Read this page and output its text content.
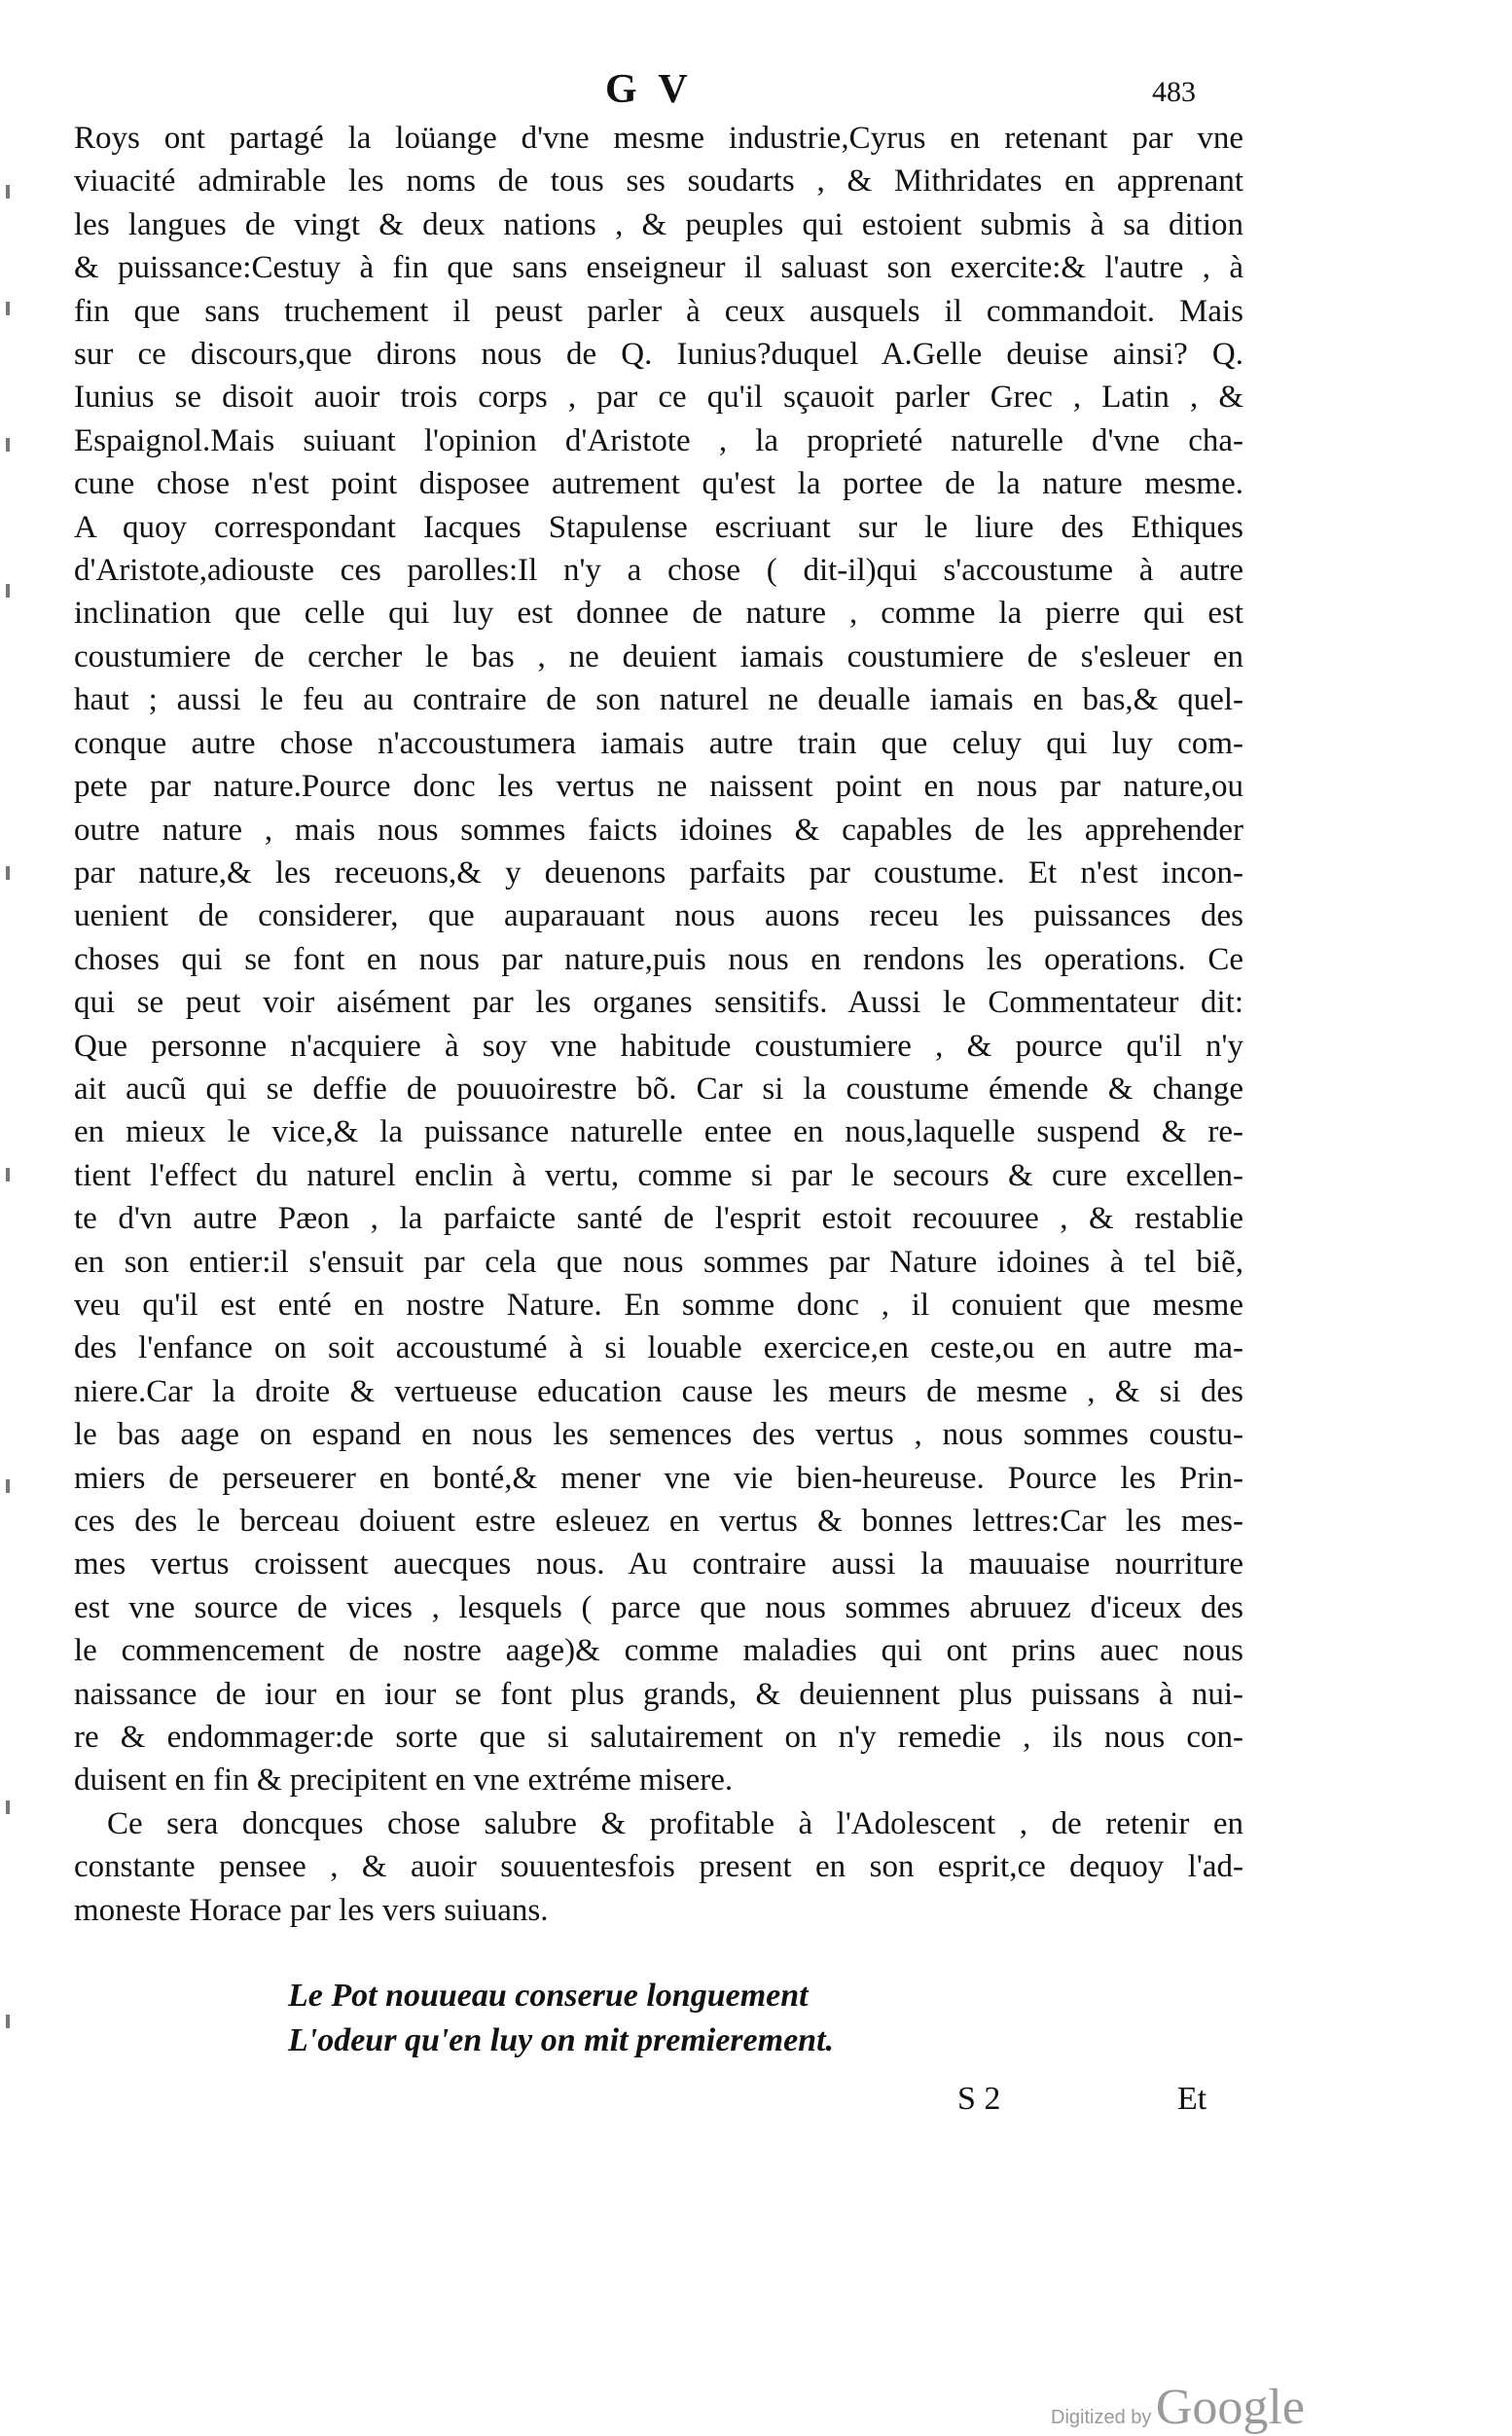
G V	483
Roys ont partagé la loüange d'vne mesme industrie,Cyrus en retenant par vne
viuacité admirable les noms de tous ses soudarts , & Mithridates en apprenant
les langues de vingt & deux nations , & peuples qui estoient submis à sa dition
& puissance:Cestuy à fin que sans enseigneur il saluast son exercite:& l'autre , à
fin que sans truchement il peust parler à ceux ausquels il commandoit. Mais
sur ce discours,que dirons nous de Q. Iunius?duquel A.Gelle deuise ainsi? Q.
Iunius se disoit auoir trois corps , par ce qu'il sçauoit parler Grec , Latin , &
Espaignol.Mais suiuant l'opinion d'Aristote , la proprieté naturelle d'vne cha-
cune chose n'est point disposee autrement qu'est la portee de la nature mesme.
A quoy correspondant Iacques Stapulense escriuant sur le liure des Ethiques
d'Aristote,adiouste ces parolles:Il n'y a chose ( dit-il)qui s'accoustume à autre
inclination que celle qui luy est donnee de nature , comme la pierre qui est
coustumiere de cercher le bas , ne deuient iamais coustumiere de s'esleuer en
haut ; aussi le feu au contraire de son naturel ne deualle iamais en bas,& quel-
conque autre chose n'accoustumera iamais autre train que celuy qui luy com-
pete par nature.Pource donc les vertus ne naissent point en nous par nature,ou
outre nature , mais nous sommes faicts idoines & capables de les apprehender
par nature,& les receuons,& y deuenons parfaits par coustume. Et n'est incon-
uenient de considerer, que auparauant nous auons receu les puissances des
choses qui se font en nous par nature,puis nous en rendons les operations. Ce
qui se peut voir aisément par les organes sensitifs. Aussi le Commentateur dit:
Que personne n'acquiere à soy vne habitude coustumiere , & pource qu'il n'y
ait aucũ qui se deffie de pouuoirestre bõ. Car si la coustume émende & change
en mieux le vice,& la puissance naturelle entee en nous,laquelle suspend & re-
tient l'effect du naturel enclin à vertu, comme si par le secours & cure excellen-
te d'vn autre Pæon , la parfaicte santé de l'esprit estoit recouuree , & restablie
en son entier:il s'ensuit par cela que nous sommes par Nature idoines à tel biẽ,
veu qu'il est enté en nostre Nature. En somme donc , il conuient que mesme
des l'enfance on soit accoustumé à si louable exercice,en ceste,ou en autre ma-
niere.Car la droite & vertueuse education cause les meurs de mesme , & si des
le bas aage on espand en nous les semences des vertus , nous sommes coustu-
miers de perseuerer en bonté,& mener vne vie bien-heureuse. Pource les Prin-
ces des le berceau doiuent estre esleuez en vertus & bonnes lettres:Car les mes-
mes vertus croissent auecques nous. Au contraire aussi la mauuaise nourriture
est vne source de vices , lesquels ( parce que nous sommes abruuez d'iceux des
le commencement de nostre aage)& comme maladies qui ont prins auec nous
naissance de iour en iour se font plus grands, & deuiennent plus puissans à nui-
re & endommager:de sorte que si salutairement on n'y remedie , ils nous con-
duisent en fin & precipitent en vne extréme misere.
Ce sera doncques chose salubre & profitable à l'Adolescent , de retenir en
constante pensee , & auoir souuentesfois present en son esprit,ce dequoy l'ad-
moneste Horace par les vers suiuans.
Le Pot nouueau conserue longuement
L'odeur qu'en luy on mit premierement.
S 2	Et
Digitized by Google
